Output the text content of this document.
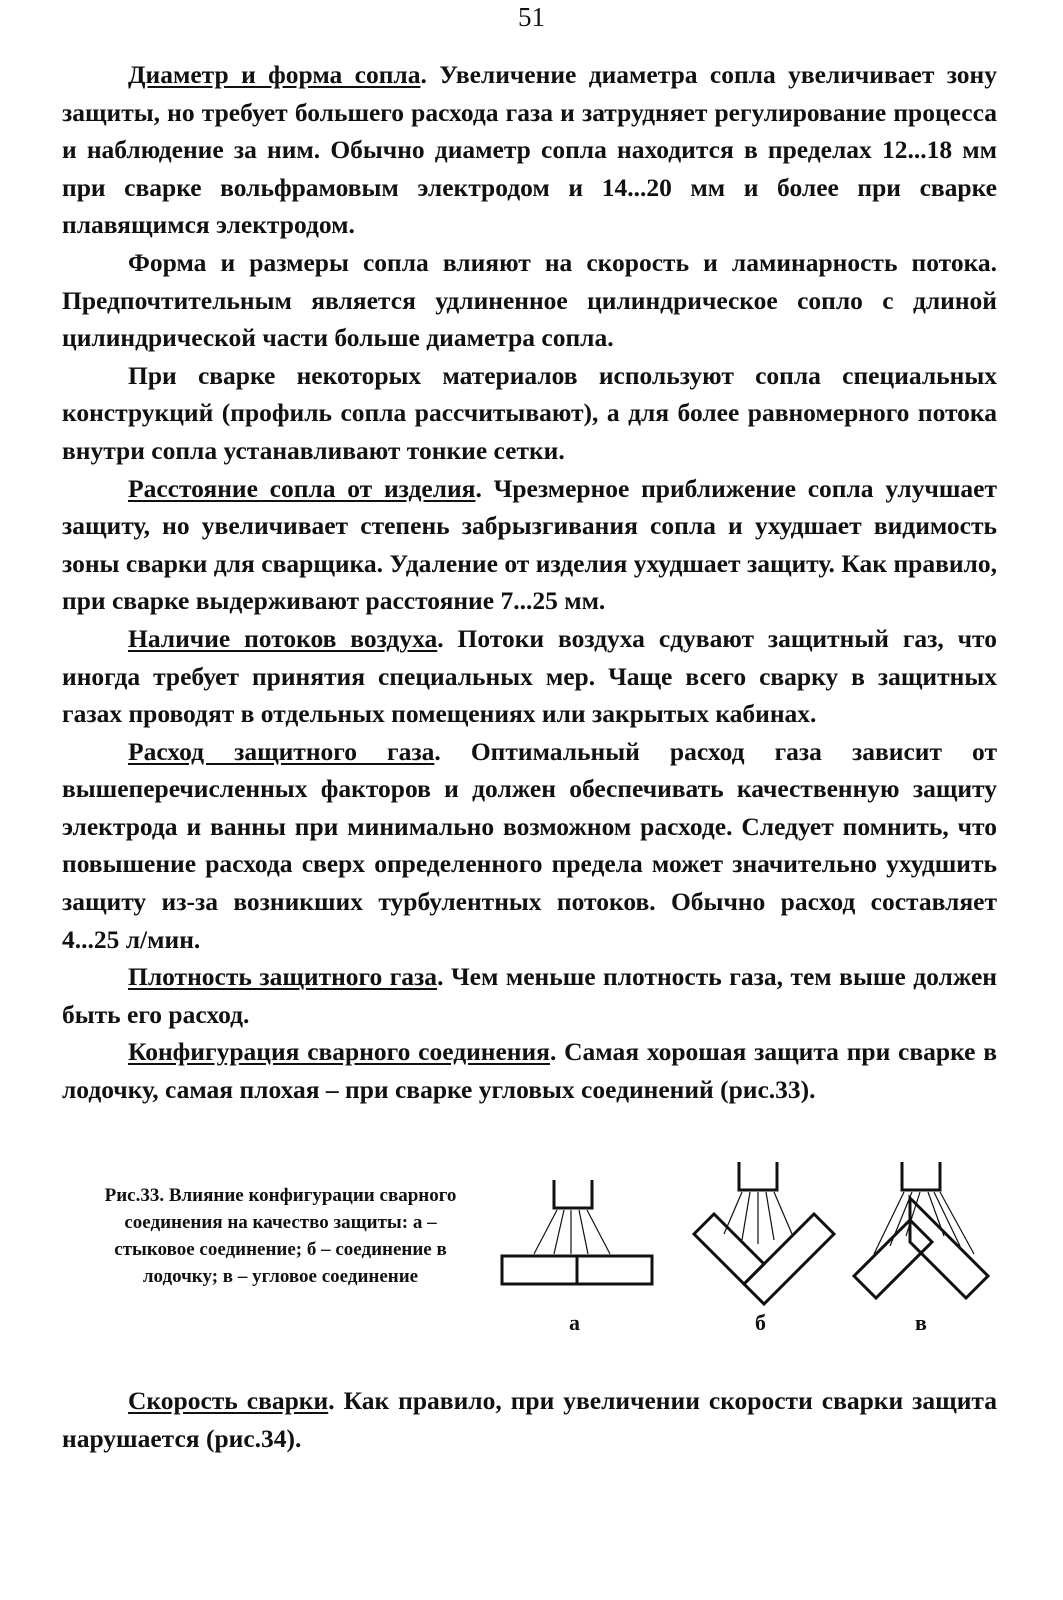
51

Диаметр и форма сопла. Увеличение диаметра сопла увеличивает зону защиты, но требует большего расхода газа и затрудняет регулирование процесса и наблюдение за ним. Обычно диаметр сопла находится в пределах 12...18 мм при сварке вольфрамовым электродом и 14...20 мм и более при сварке плавящимся электродом.

Форма и размеры сопла влияют на скорость и ламинарность потока. Предпочтительным является удлиненное цилиндрическое сопло с длиной цилиндрической части больше диаметра сопла.

При сварке некоторых материалов используют сопла специальных конструкций (профиль сопла рассчитывают), а для более равномерного потока внутри сопла устанавливают тонкие сетки.

Расстояние сопла от изделия. Чрезмерное приближение сопла улучшает защиту, но увеличивает степень забрызгивания сопла и ухудшает видимость зоны сварки для сварщика. Удаление от изделия ухудшает защиту. Как правило, при сварке выдерживают расстояние 7...25 мм.

Наличие потоков воздуха. Потоки воздуха сдувают защитный газ, что иногда требует принятия специальных мер. Чаще всего сварку в защитных газах проводят в отдельных помещениях или закрытых кабинах.

Расход защитного газа. Оптимальный расход газа зависит от вышеперечисленных факторов и должен обеспечивать качественную защиту электрода и ванны при минимально возможном расходе. Следует помнить, что повышение расхода сверх определенного предела может значительно ухудшить защиту из-за возникших турбулентных потоков. Обычно расход составляет 4...25 л/мин.

Плотность защитного газа. Чем меньше плотность газа, тем выше должен быть его расход.

Конфигурация сварного соединения. Самая хорошая защита при сварке в лодочку, самая плохая – при сварке угловых соединений (рис.33).

Рис.33. Влияние конфигурации сварного соединения на качество защиты: а – стыковое соединение; б – соединение в лодочку; в – угловое соединение
а	б	в

Скорость сварки. Как правило, при увеличении скорости сварки защита нарушается (рис.34).
